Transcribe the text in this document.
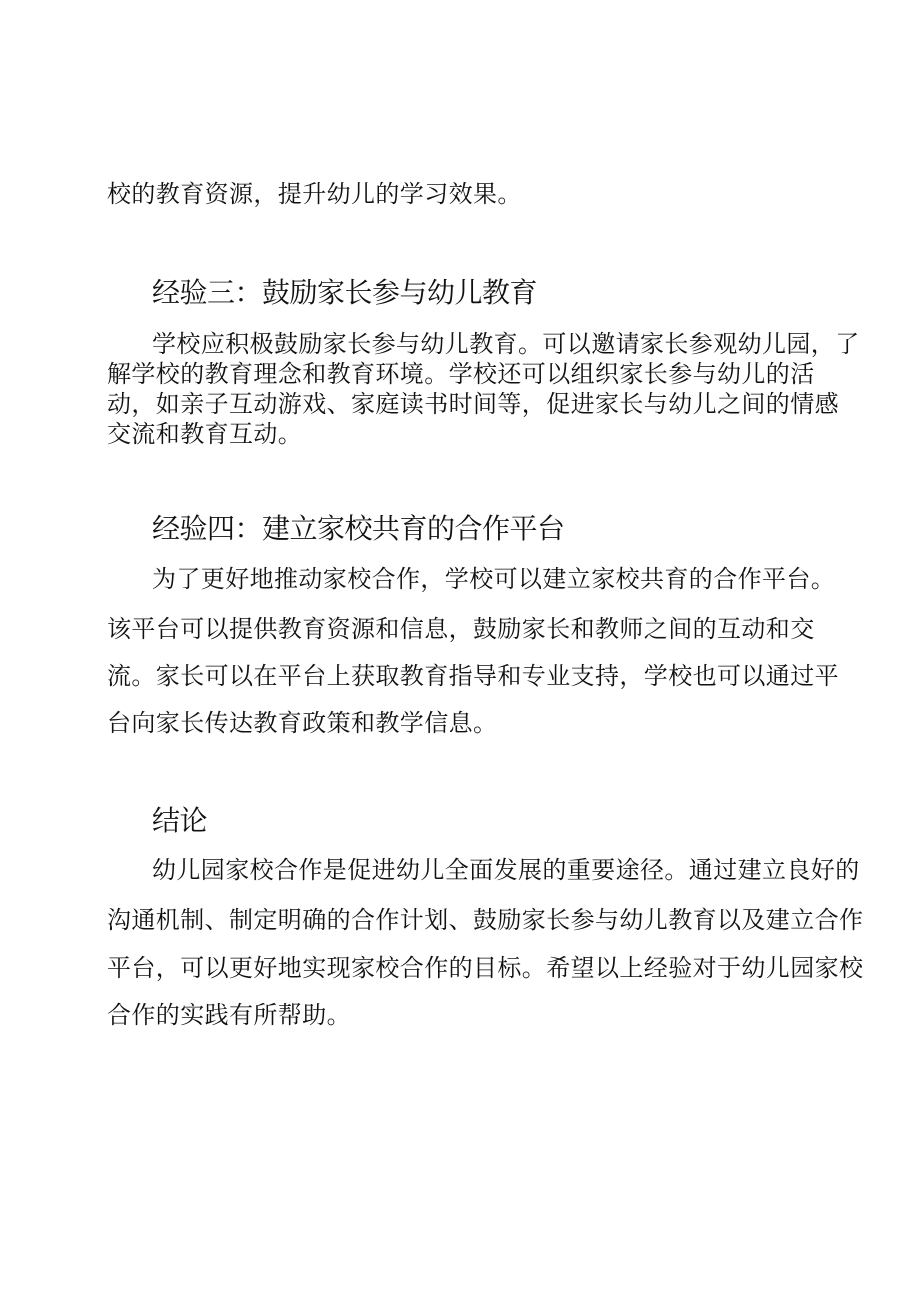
校的教育资源，提升幼儿的学习效果。

经验三：鼓励家长参与幼儿教育

学校应积极鼓励家长参与幼儿教育。可以邀请家长参观幼儿园，了

解学校的教育理念和教育环境。学校还可以组织家长参与幼儿的活

动，如亲子互动游戏、家庭读书时间等，促进家长与幼儿之间的情感

交流和教育互动。

经验四：建立家校共育的合作平台

为了更好地推动家校合作，学校可以建立家校共育的合作平台。

该平台可以提供教育资源和信息，鼓励家长和教师之间的互动和交

流。家长可以在平台上获取教育指导和专业支持，学校也可以通过平

台向家长传达教育政策和教学信息。

结论

幼儿园家校合作是促进幼儿全面发展的重要途径。通过建立良好的

沟通机制、制定明确的合作计划、鼓励家长参与幼儿教育以及建立合作

平台，可以更好地实现家校合作的目标。希望以上经验对于幼儿园家校

合作的实践有所帮助。
